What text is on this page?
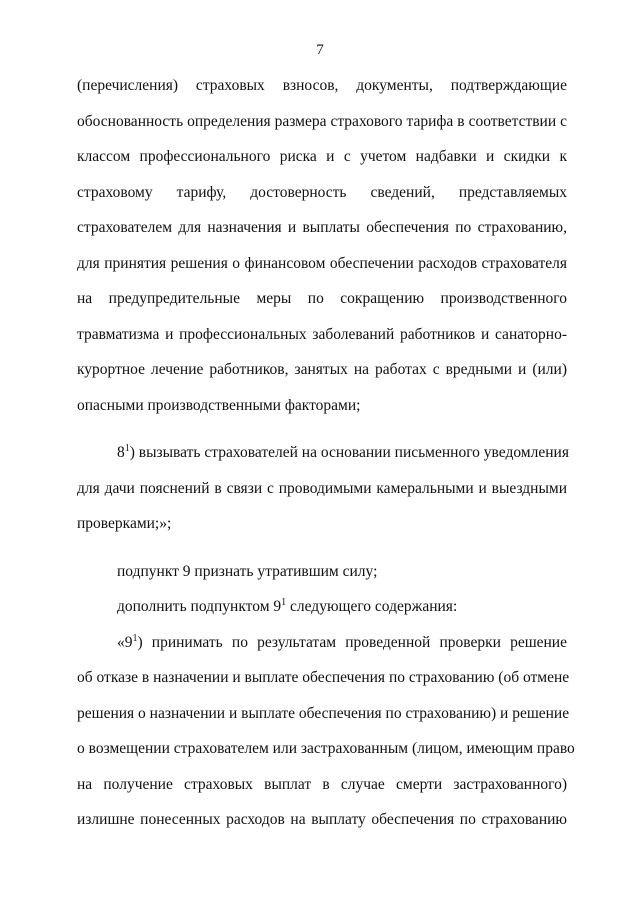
7
(перечисления) страховых взносов, документы, подтверждающие
обоснованность определения размера страхового тарифа в соответствии с
классом профессионального риска и с учетом надбавки и скидки к
страховому тарифу, достоверность сведений, представляемых
страхователем для назначения и выплаты обеспечения по страхованию,
для принятия решения о финансовом обеспечении расходов страхователя
на предупредительные меры по сокращению производственного
травматизма и профессиональных заболеваний работников и санаторно-
курортное лечение работников, занятых на работах с вредными и (или)
опасными производственными факторами;
$8^1$) вызывать страхователей на основании письменного уведомления
для дачи пояснений в связи с проводимыми камеральными и выездными
проверками;»;
подпункт 9 признать утратившим силу;
дополнить подпунктом $9^1$ следующего содержания:
«$9^1$) принимать по результатам проведенной проверки решение
об отказе в назначении и выплате обеспечения по страхованию (об отмене
решения о назначении и выплате обеспечения по страхованию) и решение
о возмещении страхователем или застрахованным (лицом, имеющим право
на получение страховых выплат в случае смерти застрахованного)
излишне понесенных расходов на выплату обеспечения по страхованию
